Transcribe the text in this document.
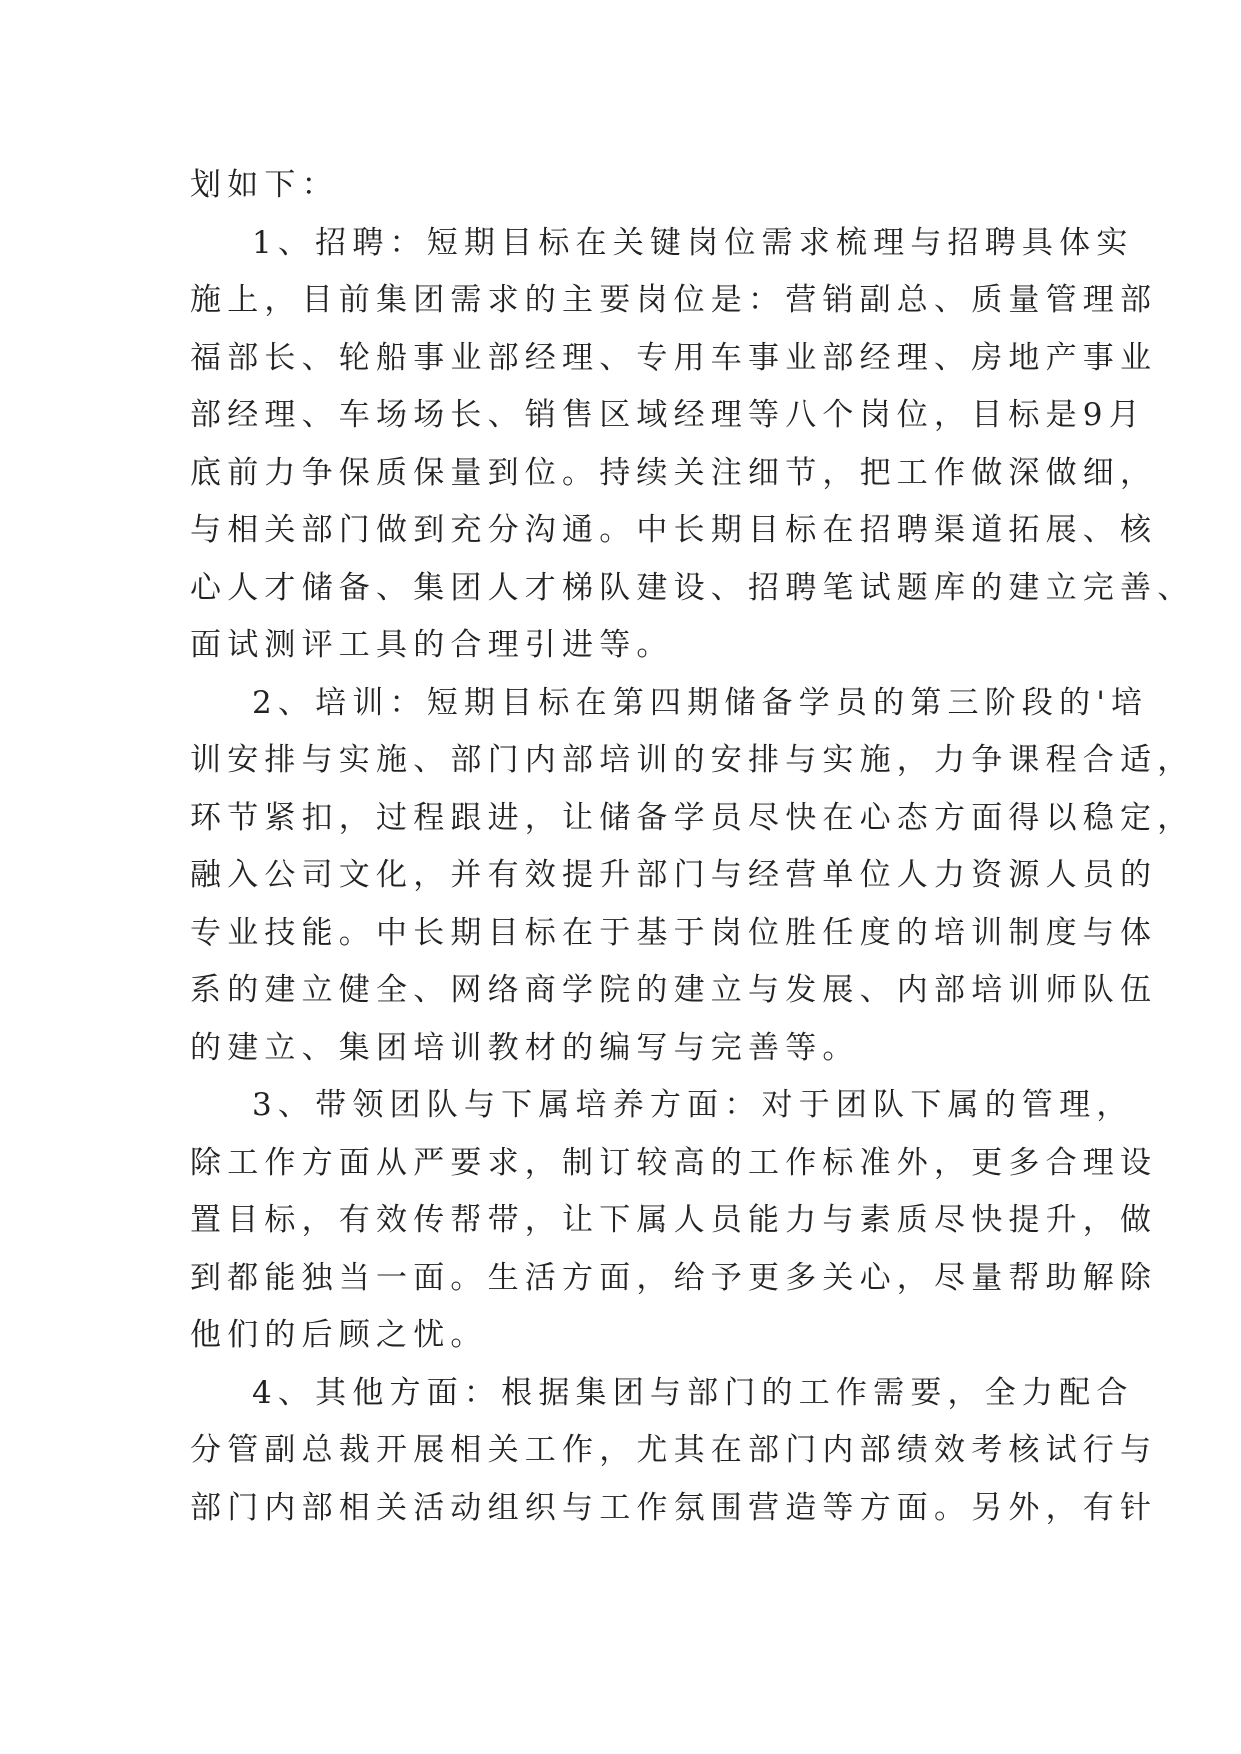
划如下：
1、招聘：短期目标在关键岗位需求梳理与招聘具体实
施上，目前集团需求的主要岗位是：营销副总、质量管理部
福部长、轮船事业部经理、专用车事业部经理、房地产事业
部经理、车场场长、销售区域经理等八个岗位，目标是9月
底前力争保质保量到位。持续关注细节，把工作做深做细，
与相关部门做到充分沟通。中长期目标在招聘渠道拓展、核
心人才储备、集团人才梯队建设、招聘笔试题库的建立完善、
面试测评工具的合理引进等。
2、培训：短期目标在第四期储备学员的第三阶段的'培
训安排与实施、部门内部培训的安排与实施，力争课程合适，
环节紧扣，过程跟进，让储备学员尽快在心态方面得以稳定，
融入公司文化，并有效提升部门与经营单位人力资源人员的
专业技能。中长期目标在于基于岗位胜任度的培训制度与体
系的建立健全、网络商学院的建立与发展、内部培训师队伍
的建立、集团培训教材的编写与完善等。
3、带领团队与下属培养方面：对于团队下属的管理，
除工作方面从严要求，制订较高的工作标准外，更多合理设
置目标，有效传帮带，让下属人员能力与素质尽快提升，做
到都能独当一面。生活方面，给予更多关心，尽量帮助解除
他们的后顾之忧。
4、其他方面：根据集团与部门的工作需要，全力配合
分管副总裁开展相关工作，尤其在部门内部绩效考核试行与
部门内部相关活动组织与工作氛围营造等方面。另外，有针
